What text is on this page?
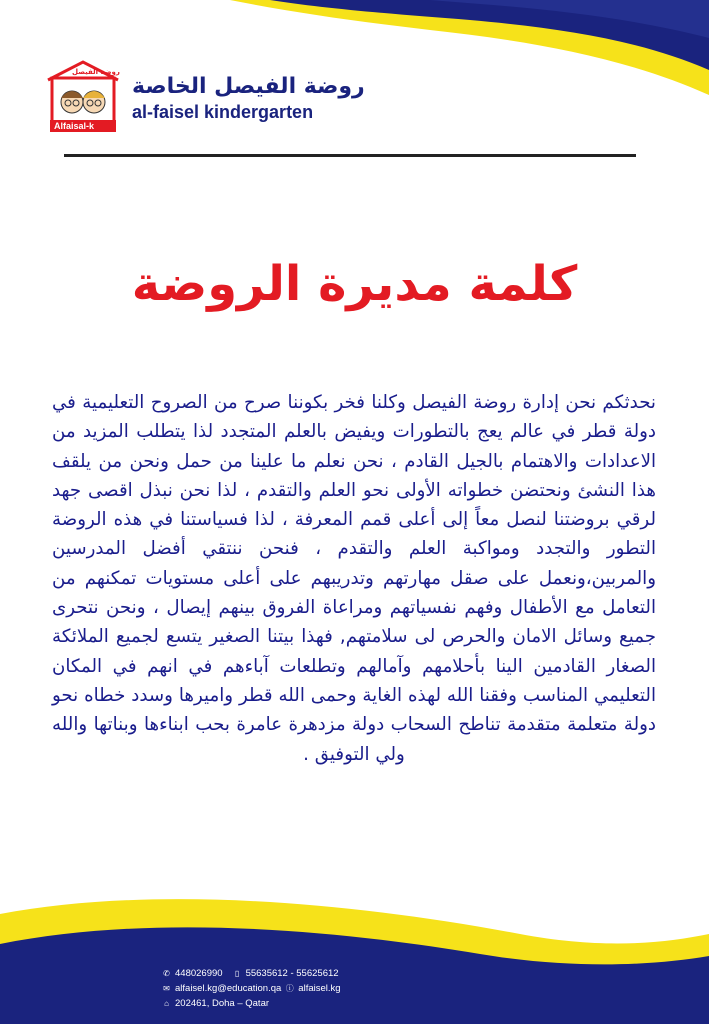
روضة الفيصل
Alfaisal-k
روضة الفيصل الخاصة
al-faisel kindergarten
كلمة مديرة الروضة
نحدثكم نحن إدارة روضة الفيصل وكلنا فخر بكوننا صرح من الصروح التعليمية في دولة قطر في عالم يعج بالتطورات ويفيض بالعلم المتجدد لذا يتطلب المزيد من الاعدادات والاهتمام بالجيل القادم ، نحن نعلم ما علينا من حمل ونحن من يلقف هذا النشئ ونحتضن خطواته الأولى نحو العلم والتقدم ، لذا نحن نبذل اقصى جهد لرقي بروضتنا لنصل معاً إلى أعلى قمم المعرفة ، لذا فسياستنا في هذه الروضة التطور والتجدد ومواكبة العلم والتقدم ، فنحن ننتقي أفضل المدرسين والمربين،ونعمل على صقل مهارتهم وتدريبهم على أعلى مستويات تمكنهم من التعامل مع الأطفال وفهم نفسياتهم ومراعاة الفروق بينهم إيصال ، ونحن نتحرى جميع وسائل الامان والحرص لى سلامتهم, فهذا بيتنا الصغير يتسع لجميع الملائكة الصغار القادمين الينا بأحلامهم وآمالهم وتطلعات آباءهم في انهم في المكان التعليمي المناسب وفقنا الله لهذه الغاية وحمى الله قطر واميرها وسدد خطاه نحو دولة متعلمة متقدمة تناطح السحاب دولة مزدهرة عامرة بحب ابناءها وبناتها والله ولي التوفيق .
✆ 448026990 ▯ 55635612 - 55625612
✉ alfaisel.kg@education.qa ⓘ alfaisel.kg
⌂ 202461, Doha – Qatar
